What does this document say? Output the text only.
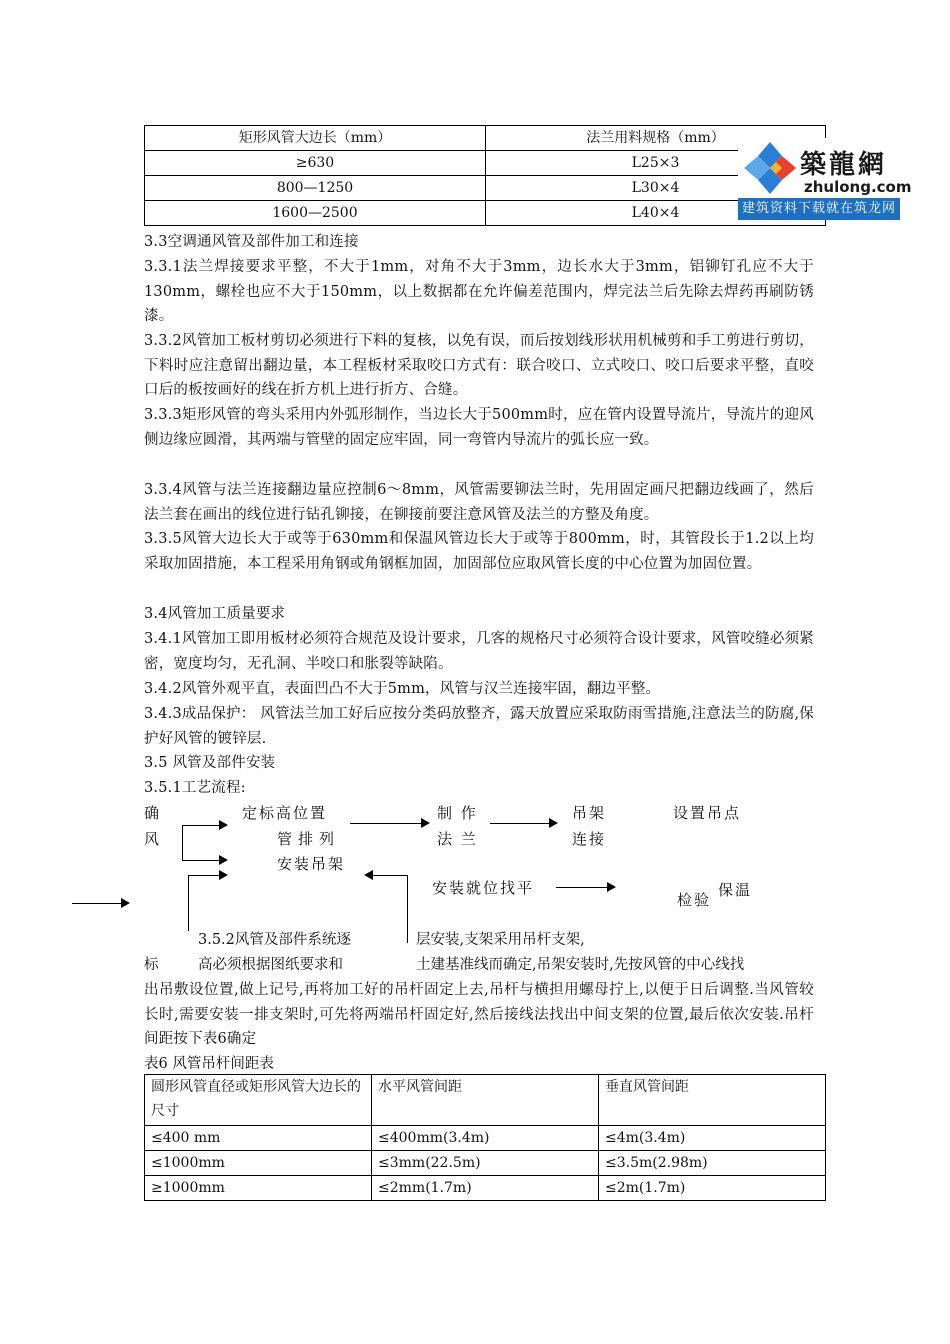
矩形风管大边长（mm）	法兰用料规格（mm）
≥630	L25×3
800—1250	L30×4
1600—2500	L40×4
築龍網
zhulong.com
建筑资料下载就在筑龙网
3.3空调通风管及部件加工和连接
3.3.1法兰焊接要求平整，不大于1mm，对角不大于3mm，边长水大于3mm，铝铆钉孔应不大于130mm，螺栓也应不大于150mm，以上数据都在允许偏差范围内，焊完法兰后先除去焊药再刷防锈漆。
3.3.2风管加工板材剪切必须进行下料的复核，以免有误，而后按划线形状用机械剪和手工剪进行剪切，下料时应注意留出翻边量，本工程板材采取咬口方式有：联合咬口、立式咬口、咬口后要求平整，直咬口后的板按画好的线在折方机上进行折方、合缝。
3.3.3矩形风管的弯头采用内外弧形制作，当边长大于500mm时，应在管内设置导流片，导流片的迎风侧边缘应圆滑，其两端与管壁的固定应牢固，同一弯管内导流片的弧长应一致。
3.3.4风管与法兰连接翻边量应控制6～8mm，风管需要铆法兰时，先用固定画尺把翻边线画了，然后法兰套在画出的线位进行钻孔铆接，在铆接前要注意风管及法兰的方整及角度。
3.3.5风管大边长大于或等于630mm和保温风管边长大于或等于800mm，时，其管段长于1.2以上均采取加固措施，本工程采用角钢或角钢框加固，加固部位应取风管长度的中心位置为加固位置。
3.4风管加工质量要求
3.4.1风管加工即用板材必须符合规范及设计要求，几客的规格尺寸必须符合设计要求，风管咬缝必须紧密，宽度均匀，无孔洞、半咬口和胀裂等缺陷。
3.4.2风管外观平直，表面凹凸不大于5mm，风管与汉兰连接牢固，翻边平整。
3.4.3成品保护： 风管法兰加工好后应按分类码放整齐，露天放置应采取防雨雪措施,注意法兰的防腐,保护好风管的镀锌层.
3.5 风管及部件安装
3.5.1工艺流程:
确
风
定标高位置
管排列
安装吊架
制 作
法 兰
吊架
连接
设置吊点
安装就位找平
检验
保温
3.5.2风管及部件系统逐	层安装,支架采用吊杆支架,
标	高必须根据图纸要求和	土建基准线而确定,吊架安装时,先按风管的中心线找
出吊敷设位置,做上记号,再将加工好的吊杆固定上去,吊杆与横担用螺母拧上,以便于日后调整.当风管较长时,需要安装一排支架时,可先将两端吊杆固定好,然后接线法找出中间支架的位置,最后依次安装.吊杆间距按下表6确定
表6 风管吊杆间距表
圆形风管直径或矩形风管大边长的尺寸	水平风管间距	垂直风管间距
≤400 mm	≤400mm(3.4m)	≤4m(3.4m)
≤1000mm	≤3mm(22.5m)	≤3.5m(2.98m)
≥1000mm	≤2mm(1.7m)	≤2m(1.7m)
